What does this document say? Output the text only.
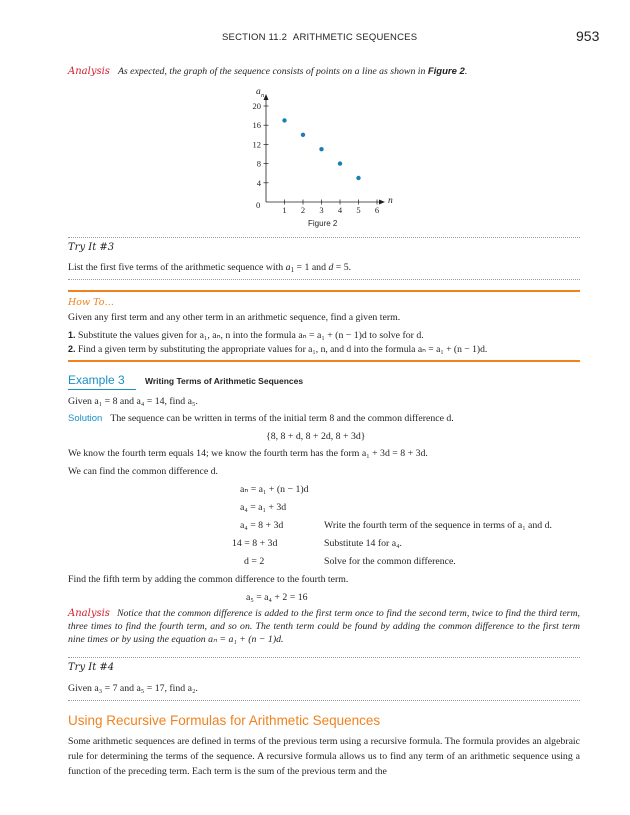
SECTION 11.2 ARITHMETIC SEQUENCES	953
Analysis As expected, the graph of the sequence consists of points on a line as shown in Figure 2.
a n
n
0	1 2 3 4 5 6
4
8
12
16
20
Figure 2
Try It #3
List the first five terms of the arithmetic sequence with $a_1 = 1$ and d = 5.
How To…
Given any first term and any other term in an arithmetic sequence, find a given term.
1. Substitute the values given for a₁, aₙ, n into the formula aₙ = a₁ + (n − 1)d to solve for d.
2. Find a given term by substituting the appropriate values for a₁, n, and d into the formula aₙ = a₁ + (n − 1)d.
Example 3 Writing Terms of Arithmetic Sequences
Given a₁ = 8 and a₄ = 14, find a₅.
Solution The sequence can be written in terms of the initial term 8 and the common difference d.
{8, 8 + d, 8 + 2d, 8 + 3d}
We know the fourth term equals 14; we know the fourth term has the form a₁ + 3d = 8 + 3d.
We can find the common difference d.
aₙ = a₁ + (n − 1)d
a₄ = a₁ + 3d
a₄ = 8 + 3d	Write the fourth term of the sequence in terms of a₁ and d.
14 = 8 + 3d	Substitute 14 for a₄.
d = 2	Solve for the common difference.
Find the fifth term by adding the common difference to the fourth term.
a₅ = a₄ + 2 = 16
Analysis Notice that the common difference is added to the first term once to find the second term, twice to find the third term, three times to find the fourth term, and so on. The tenth term could be found by adding the common difference to the first term nine times or by using the equation aₙ = a₁ + (n − 1)d.
Try It #4
Given a₃ = 7 and a₅ = 17, find a₂.
Using Recursive Formulas for Arithmetic Sequences
Some arithmetic sequences are defined in terms of the previous term using a recursive formula. The formula provides an algebraic rule for determining the terms of the sequence. A recursive formula allows us to find any term of an arithmetic sequence using a function of the preceding term. Each term is the sum of the previous term and the
